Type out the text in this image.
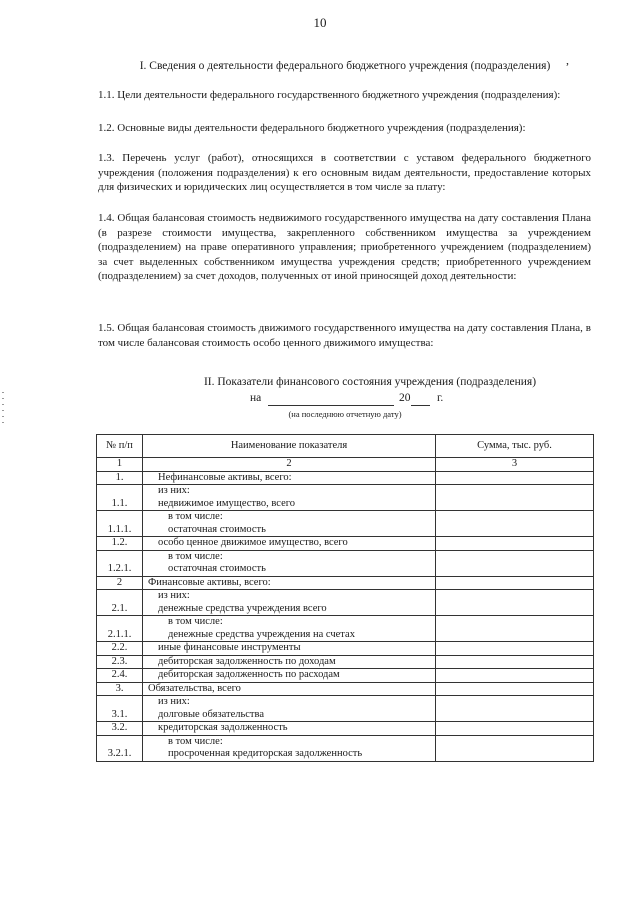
10
,
I. Сведения о деятельности федерального бюджетного учреждения (подразделения)
1.1. Цели деятельности федерального государственного бюджетного учреждения (подразделения):
1.2. Основные виды деятельности федерального бюджетного учреждения (подразделения):
1.3. Перечень услуг (работ), относящихся в соответствии с уставом федерального бюджетного учреждения (положения подразделения) к его основным видам деятельности, предоставление которых для физических и юридических лиц осуществляется в том числе за плату:
1.4. Общая балансовая стоимость недвижимого государственного имущества на дату составления Плана (в разрезе стоимости имущества, закрепленного собственником имущества за учреждением (подразделением) на праве оперативного управления; приобретенного учреждением (подразделением) за счет выделенных собственником имущества учреждения средств; приобретенного учреждением (подразделением) за счет доходов, полученных от иной приносящей доход деятельности:
1.5. Общая балансовая стоимость движимого государственного имущества на дату составления Плана, в том числе балансовая стоимость особо ценного движимого имущества:
II. Показатели финансового состояния учреждения (подразделения)
на	20 г.
(на последнюю отчетную дату)
№ п/п	Наименование показателя	Сумма, тыс. руб.
1	2	3
1.	Нефинансовые активы, всего:	

1.1.	из них:
недвижимое имущество, всего	

1.1.1.	в том числе:
остаточная стоимость	

1.2.	особо ценное движимое имущество, всего	

1.2.1.	в том числе:
остаточная стоимость	

2	Финансовые активы, всего:	

2.1.	из них:
денежные средства учреждения всего	

2.1.1.	в том числе:
денежные средства учреждения на счетах	

2.2.	иные финансовые инструменты	

2.3.	дебиторская задолженность по доходам	

2.4.	дебиторская задолженность по расходам	

3.	Обязательства, всего	

3.1.	из них:
долговые обязательства	

3.2.	кредиторская задолженность	

3.2.1.	в том числе:
просроченная кредиторская задолженность	
